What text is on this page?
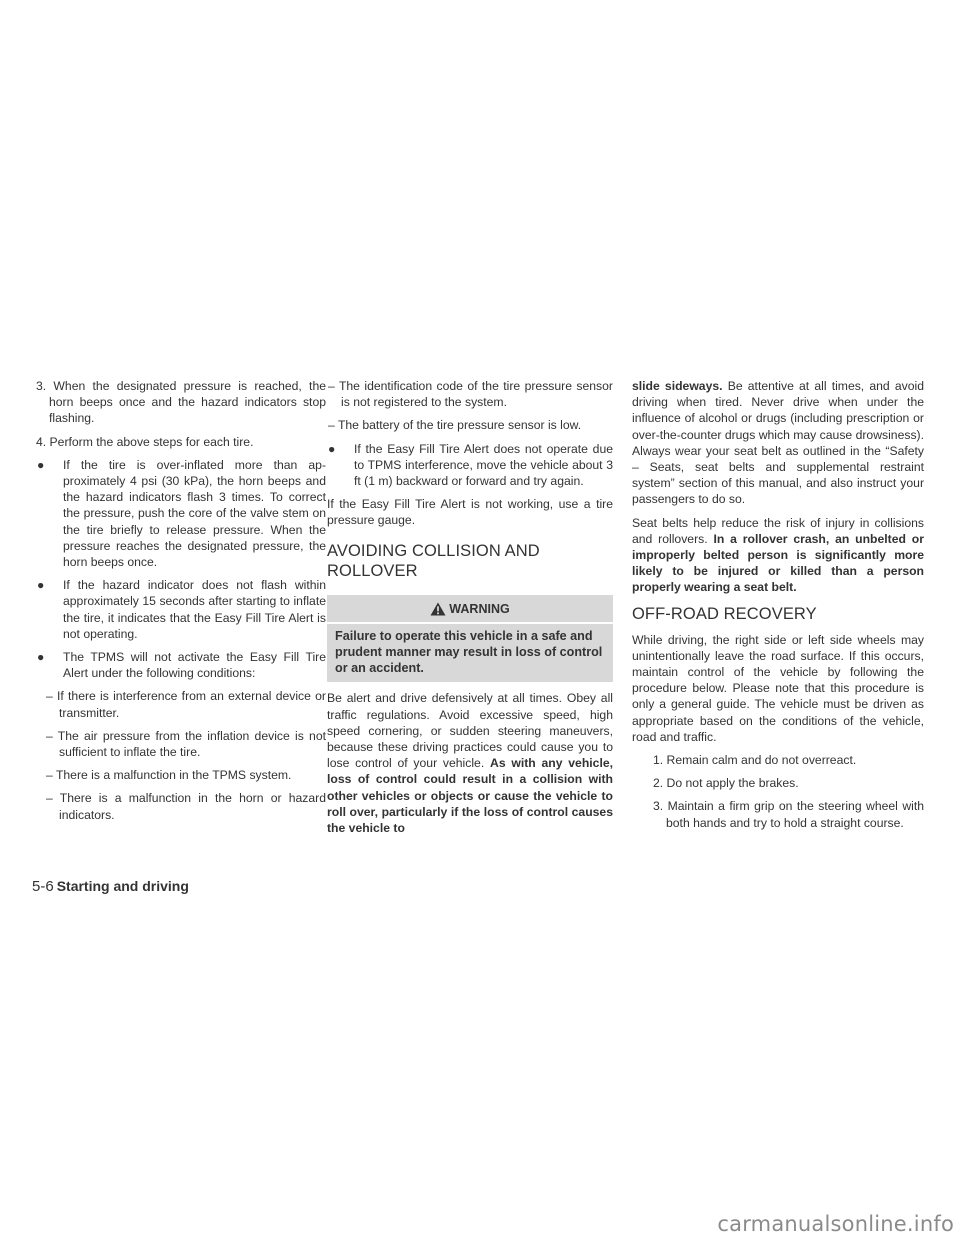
3. When the designated pressure is reached, the horn beeps once and the hazard indicators stop flashing.

4. Perform the above steps for each tire.

● If the tire is over-inflated more than approximately 4 psi (30 kPa), the horn beeps and the hazard indicators flash 3 times. To correct the pressure, push the core of the valve stem on the tire briefly to release pressure. When the pressure reaches the designated pressure, the horn beeps once.

● If the hazard indicator does not flash within approximately 15 seconds after starting to inflate the tire, it indicates that the Easy Fill Tire Alert is not operating.

● The TPMS will not activate the Easy Fill Tire Alert under the following conditions:

– If there is interference from an external device or transmitter.

– The air pressure from the inflation device is not sufficient to inflate the tire.

– There is a malfunction in the TPMS system.

– There is a malfunction in the horn or hazard indicators.

– The identification code of the tire pressure sensor is not registered to the system.

– The battery of the tire pressure sensor is low.

● If the Easy Fill Tire Alert does not operate due to TPMS interference, move the vehicle about 3 ft (1 m) backward or forward and try again.

If the Easy Fill Tire Alert is not working, use a tire pressure gauge.

AVOIDING COLLISION AND ROLLOVER
WARNING
Failure to operate this vehicle in a safe and prudent manner may result in loss of control or an accident.

Be alert and drive defensively at all times. Obey all traffic regulations. Avoid excessive speed, high speed cornering, or sudden steering maneuvers, because these driving practices could cause you to lose control of your vehicle. As with any vehicle, loss of control could result in a collision with other vehicles or objects or cause the vehicle to roll over, particularly if the loss of control causes the vehicle to

slide sideways. Be attentive at all times, and avoid driving when tired. Never drive when under the influence of alcohol or drugs (including prescription or over-the-counter drugs which may cause drowsiness). Always wear your seat belt as outlined in the “Safety – Seats, seat belts and supplemental restraint system” section of this manual, and also instruct your passengers to do so.

Seat belts help reduce the risk of injury in collisions and rollovers. In a rollover crash, an unbelted or improperly belted person is significantly more likely to be injured or killed than a person properly wearing a seat belt.

OFF-ROAD RECOVERY

While driving, the right side or left side wheels may unintentionally leave the road surface. If this occurs, maintain control of the vehicle by following the procedure below. Please note that this procedure is only a general guide. The vehicle must be driven as appropriate based on the conditions of the vehicle, road and traffic.

1. Remain calm and do not overreact.

2. Do not apply the brakes.

3. Maintain a firm grip on the steering wheel with both hands and try to hold a straight course.

5-6 Starting and driving
carmanualsonline.info
